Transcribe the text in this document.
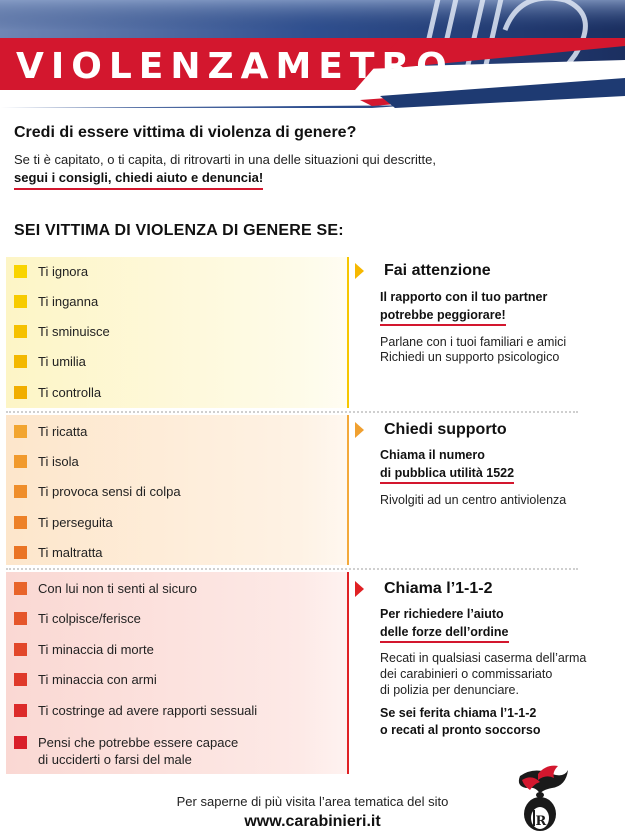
VIOLENZAMETRO
Credi di essere vittima di violenza di genere?
Se ti è capitato, o ti capita, di ritrovarti in una delle situazioni qui descritte,
segui i consigli, chiedi aiuto e denuncia!
SEI VITTIMA DI VIOLENZA DI GENERE SE:
Ti ignora
Ti inganna
Ti sminuisce
Ti umilia
Ti controlla
Fai attenzione
Il rapporto con il tuo partner
potrebbe peggiorare!
Parlane con i tuoi familiari e amici
Richiedi un supporto psicologico
Ti ricatta
Ti isola
Ti provoca sensi di colpa
Ti perseguita
Ti maltratta
Chiedi supporto
Chiama il numero
di pubblica utilità 1522
Rivolgiti ad un centro antiviolenza
Con lui non ti senti al sicuro
Ti colpisce/ferisce
Ti minaccia di morte
Ti minaccia con armi
Ti costringe ad avere rapporti sessuali
Pensi che potrebbe essere capace
di ucciderti o farsi del male
Chiama l’1-1-2
Per richiedere l’aiuto
delle forze dell’ordine
Recati in qualsiasi caserma dell’arma
dei carabinieri o commissariato
di polizia per denunciare.
Se sei ferita chiama l’1-1-2
o recati al pronto soccorso
Per saperne di più visita l’area tematica del sito
www.carabinieri.it	R
